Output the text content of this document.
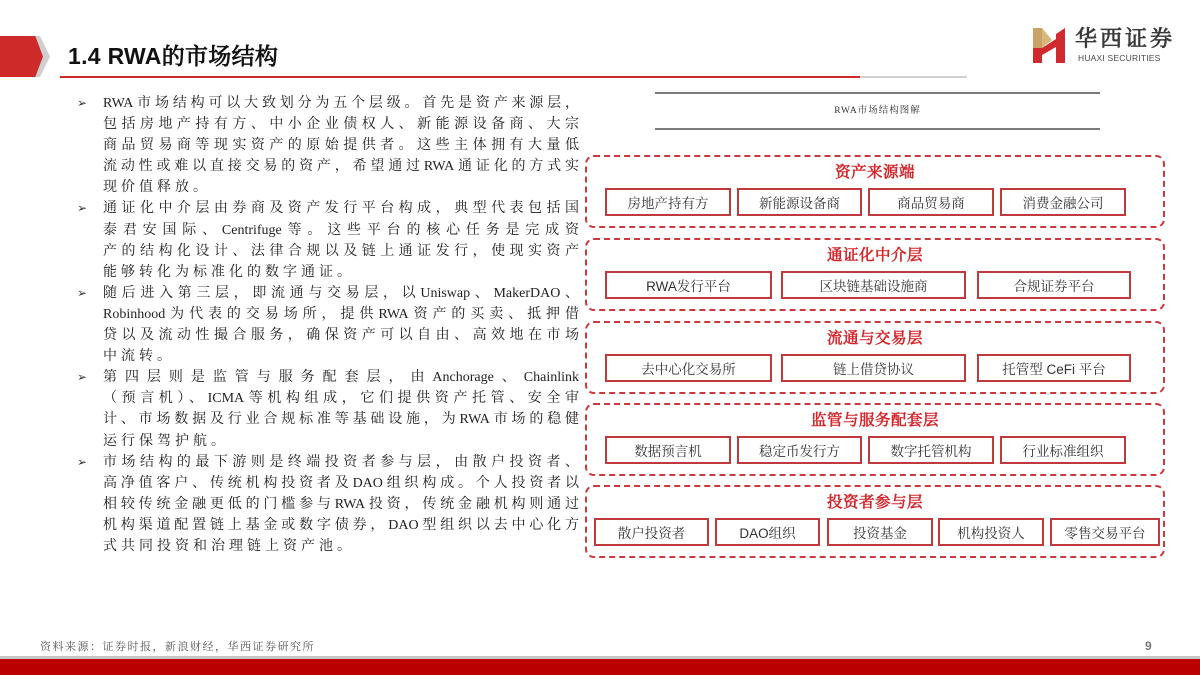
1.4 RWA的市场结构
华西证券
HUAXI SECURITIES
➢
RWA市场结构可以大致划分为五个层级。首先是资产来源层，
包括房地产持有方、中小企业债权人、新能源设备商、大宗
商品贸易商等现实资产的原始提供者。这些主体拥有大量低
流动性或难以直接交易的资产，希望通过RWA通证化的方式实
现价值释放。
➢
通证化中介层由券商及资产发行平台构成，典型代表包括国
泰君安国际、Centrifuge等。这些平台的核心任务是完成资
产的结构化设计、法律合规以及链上通证发行，使现实资产
能够转化为标准化的数字通证。
➢
随后进入第三层，即流通与交易层，以Uniswap、MakerDAO、
Robinhood为代表的交易场所，提供RWA资产的买卖、抵押借
贷以及流动性撮合服务，确保资产可以自由、高效地在市场
中流转。
➢
第四层则是监管与服务配套层，由Anchorage、Chainlink
（预言机）、ICMA等机构组成，它们提供资产托管、安全审
计、市场数据及行业合规标准等基础设施，为RWA市场的稳健
运行保驾护航。
➢
市场结构的最下游则是终端投资者参与层，由散户投资者、
高净值客户、传统机构投资者及DAO组织构成。个人投资者以
相较传统金融更低的门槛参与RWA投资，传统金融机构则通过
机构渠道配置链上基金或数字债券，DAO型组织以去中心化方
式共同投资和治理链上资产池。
RWA市场结构图解
资产来源端
房地产持有方	新能源设备商	商品贸易商	消费金融公司
通证化中介层
RWA发行平台	区块链基础设施商	合规证券平台
流通与交易层
去中心化交易所	链上借贷协议	托管型 CeFi 平台
监管与服务配套层
数据预言机	稳定币发行方	数字托管机构	行业标准组织
投资者参与层
散户投资者	DAO组织	投资基金	机构投资人	零售交易平台
资料来源：证券时报，新浪财经，华西证券研究所	9
